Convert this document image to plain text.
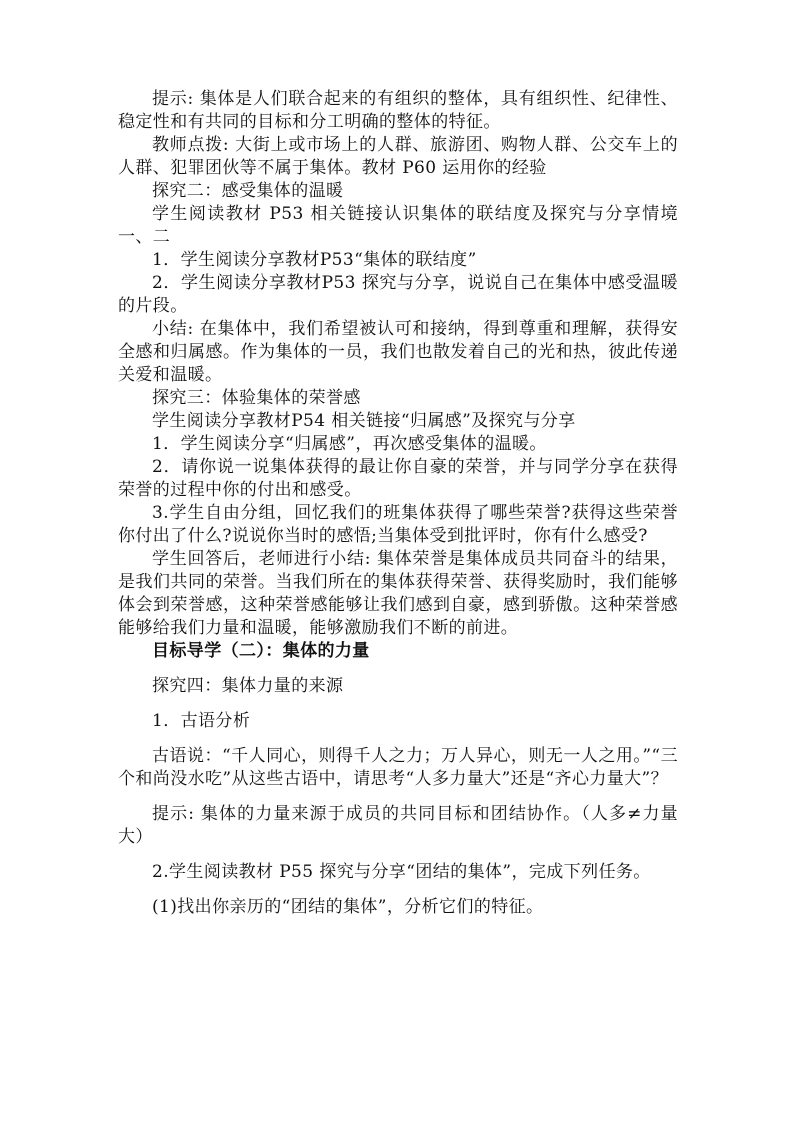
提示: 集体是人们联合起来的有组织的整体，具有组织性、纪律性、稳定性和有共同的目标和分工明确的整体的特征。

教师点拨: 大街上或市场上的人群、旅游团、购物人群、公交车上的人群、犯罪团伙等不属于集体。教材 P60 运用你的经验

探究二：感受集体的温暖

学生阅读教材 P53 相关链接认识集体的联结度及探究与分享情境一、二

1．学生阅读分享教材P53“集体的联结度”

2．学生阅读分享教材P53 探究与分享，说说自己在集体中感受温暖的片段。

小结: 在集体中，我们希望被认可和接纳，得到尊重和理解，获得安全感和归属感。作为集体的一员，我们也散发着自己的光和热，彼此传递关爱和温暖。

探究三：体验集体的荣誉感

学生阅读分享教材P54 相关链接“归属感”及探究与分享

1．学生阅读分享“归属感”，再次感受集体的温暖。

2．请你说一说集体获得的最让你自豪的荣誉，并与同学分享在获得荣誉的过程中你的付出和感受。

3.学生自由分组，回忆我们的班集体获得了哪些荣誉?获得这些荣誉你付出了什么?说说你当时的感悟;当集体受到批评时，你有什么感受?

学生回答后，老师进行小结: 集体荣誉是集体成员共同奋斗的结果，是我们共同的荣誉。当我们所在的集体获得荣誉、获得奖励时，我们能够体会到荣誉感，这种荣誉感能够让我们感到自豪，感到骄傲。这种荣誉感能够给我们力量和温暖，能够激励我们不断的前进。

目标导学（二）：集体的力量

探究四：集体力量的来源

1．古语分析

古语说：“千人同心，则得千人之力；万人异心，则无一人之用。”“三个和尚没水吃”从这些古语中，请思考“人多力量大”还是“齐心力量大”？

提示: 集体的力量来源于成员的共同目标和团结协作。（人多≠力量大）

2.学生阅读教材 P55 探究与分享“团结的集体”，完成下列任务。

(1)找出你亲历的“团结的集体”，分析它们的特征。
